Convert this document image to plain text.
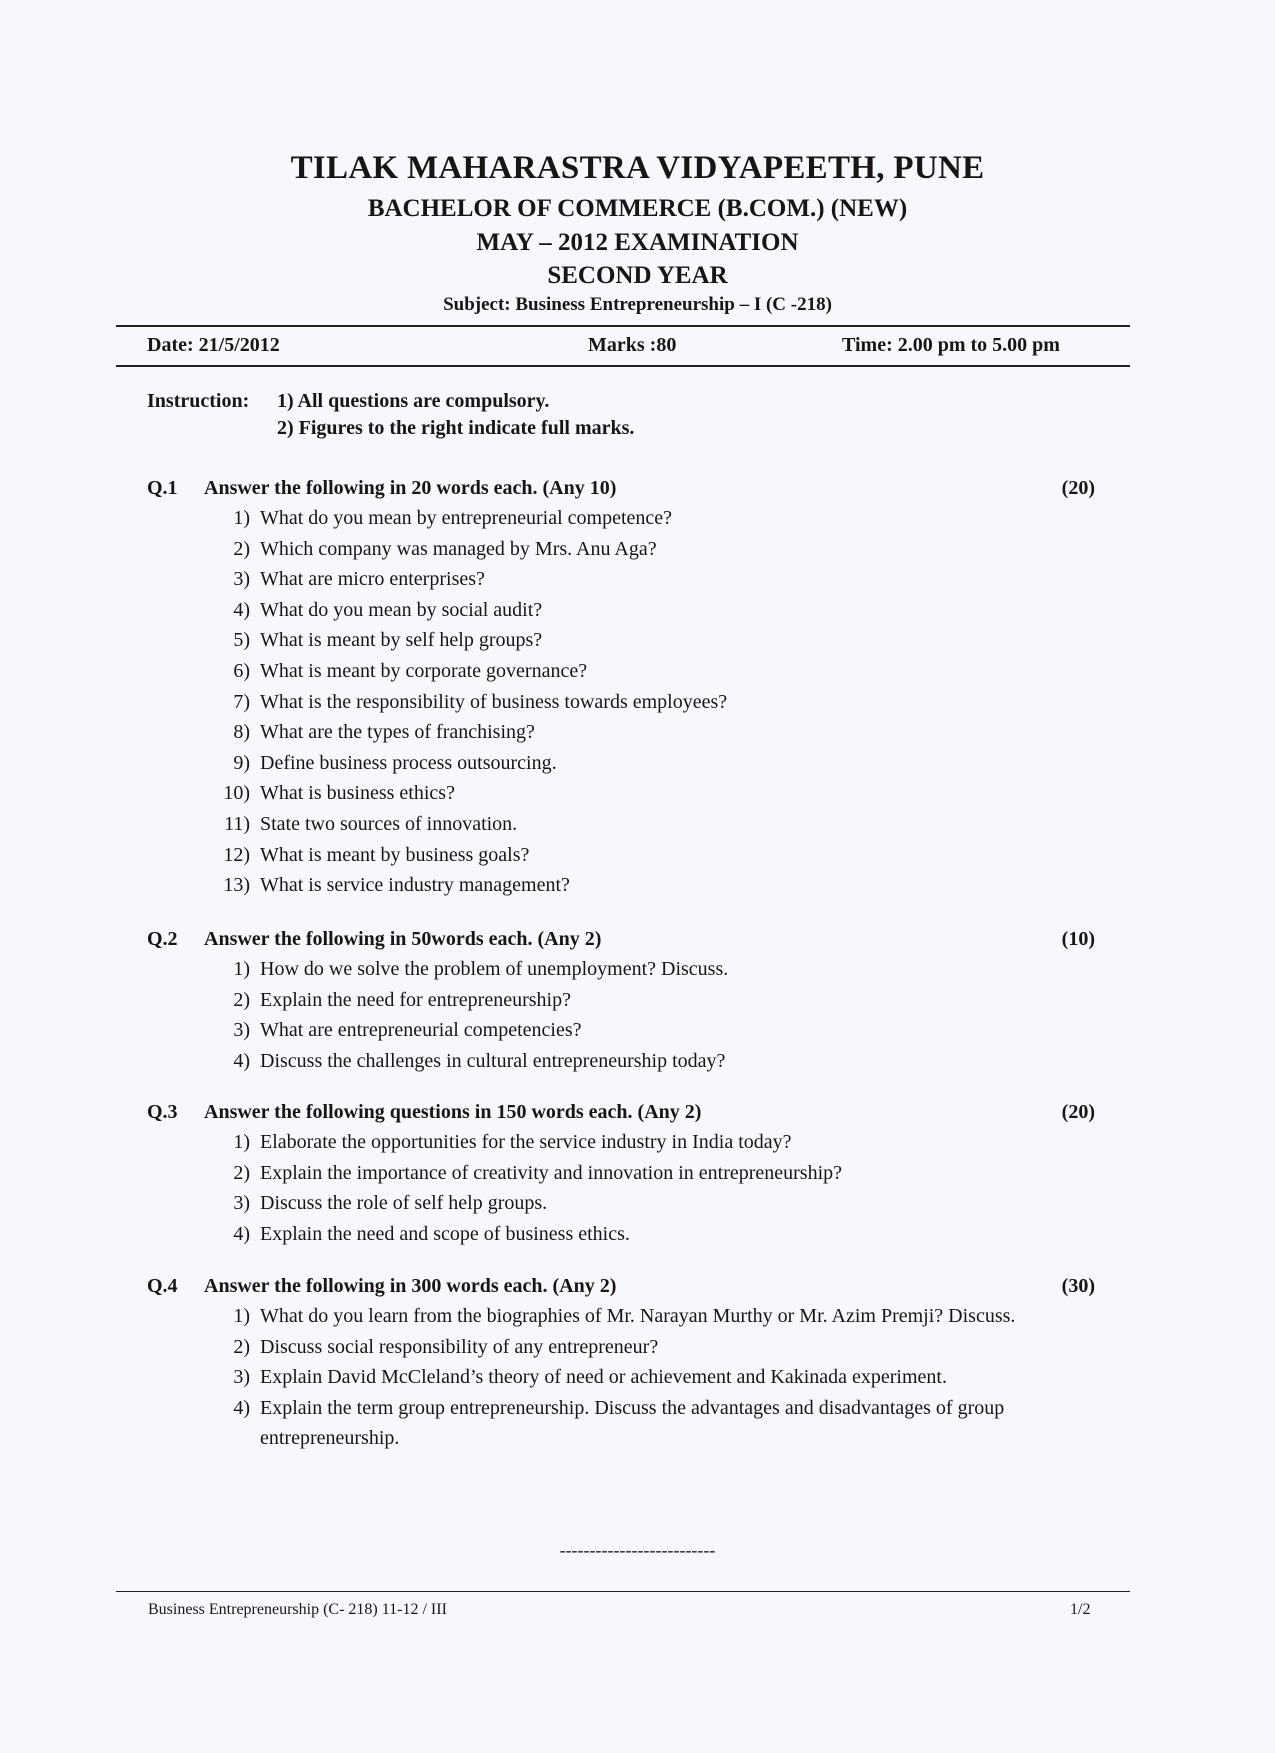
TILAK MAHARASTRA VIDYAPEETH, PUNE
BACHELOR OF COMMERCE (B.COM.) (NEW)
MAY – 2012 EXAMINATION
SECOND YEAR
Subject: Business Entrepreneurship – I (C -218)
Date: 21/5/2012	Marks :80	Time: 2.00 pm to 5.00 pm
Instruction: 1) All questions are compulsory.
2) Figures to the right indicate full marks.
Q.1 Answer the following in 20 words each. (Any 10)	(20)
1) What do you mean by entrepreneurial competence?
2) Which company was managed by Mrs. Anu Aga?
3) What are micro enterprises?
4) What do you mean by social audit?
5) What is meant by self help groups?
6) What is meant by corporate governance?
7) What is the responsibility of business towards employees?
8) What are the types of franchising?
9) Define business process outsourcing.
10) What is business ethics?
11) State two sources of innovation.
12) What is meant by business goals?
13) What is service industry management?
Q.2 Answer the following in 50words each. (Any 2)	(10)
1) How do we solve the problem of unemployment? Discuss.
2) Explain the need for entrepreneurship?
3) What are entrepreneurial competencies?
4) Discuss the challenges in cultural entrepreneurship today?
Q.3 Answer the following questions in 150 words each. (Any 2)	(20)
1) Elaborate the opportunities for the service industry in India today?
2) Explain the importance of creativity and innovation in entrepreneurship?
3) Discuss the role of self help groups.
4) Explain the need and scope of business ethics.
Q.4 Answer the following in 300 words each. (Any 2)	(30)
1) What do you learn from the biographies of Mr. Narayan Murthy or Mr. Azim Premji? Discuss.
2) Discuss social responsibility of any entrepreneur?
3) Explain David McCleland’s theory of need or achievement and Kakinada experiment.
4) Explain the term group entrepreneurship. Discuss the advantages and disadvantages of group entrepreneurship.
--------------------------
Business Entrepreneurship (C- 218) 11-12 / III	1/2
